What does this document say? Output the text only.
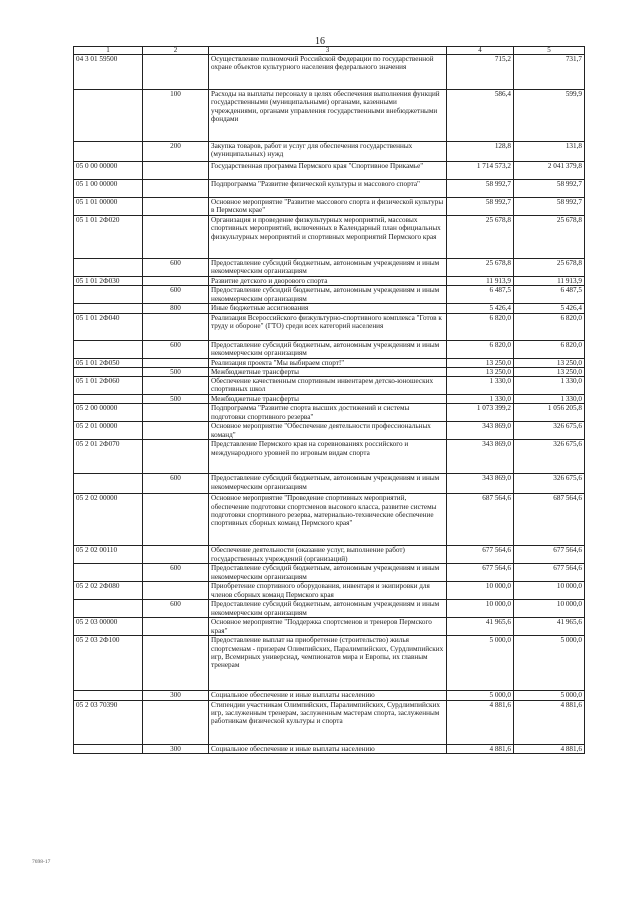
16
1	2	3	4	5
04 3 01 59500		Осуществление полномочий Российской Федерации по государственной охране объектов культурного населения федерального значения	715,2	731,7
	100	Расходы на выплаты персоналу в целях обеспечения выполнения функций государственными (муниципальными) органами, казенными учреждениями, органами управления государственными внебюджетными фондами	586,4	599,9
	200	Закупка товаров, работ и услуг для обеспечения государственных (муниципальных) нужд	128,8	131,8
05 0 00 00000		Государственная программа Пермского края "Спортивное Прикамье"	1 714 573,2	2 041 379,8
05 1 00 00000		Подпрограмма "Развитие физической культуры и массового спорта"	58 992,7	58 992,7
05 1 01 00000		Основное мероприятие "Развитие массового спорта и физической культуры в Пермском крае"	58 992,7	58 992,7
05 1 01 2Ф020		Организация и проведение физкультурных мероприятий, массовых спортивных мероприятий, включенных в Календарный план официальных физкультурных мероприятий и спортивных мероприятий Пермского края	25 678,8	25 678,8
	600	Предоставление субсидий бюджетным, автономным учреждениям и иным некоммерческим организациям	25 678,8	25 678,8
05 1 01 2Ф030		Развитие детского и дворового спорта	11 913,9	11 913,9
	600	Предоставление субсидий бюджетным, автономным учреждениям и иным некоммерческим организациям	6 487,5	6 487,5
	800	Иные бюджетные ассигнования	5 426,4	5 426,4
05 1 01 2Ф040		Реализация Всероссийского физкультурно-спортивного комплекса "Готов к труду и обороне" (ГТО) среди всех категорий населения	6 820,0	6 820,0
	600	Предоставление субсидий бюджетным, автономным учреждениям и иным некоммерческим организациям	6 820,0	6 820,0
05 1 01 2Ф050		Реализация проекта "Мы выбираем спорт!"	13 250,0	13 250,0
	500	Межбюджетные трансферты	13 250,0	13 250,0
05 1 01 2Ф060		Обеспечение качественным спортивным инвентарем детско-юношеских спортивных школ	1 330,0	1 330,0
	500	Межбюджетные трансферты	1 330,0	1 330,0
05 2 00 00000		Подпрограмма "Развитие спорта высших достижений и системы подготовки спортивного резерва"	1 073 399,2	1 056 205,8
05 2 01 00000		Основное мероприятие "Обеспечение деятельности профессиональных команд"	343 869,0	326 675,6
05 2 01 2Ф070		Представление Пермского края на соревнованиях российского и международного уровней по игровым видам спорта	343 869,0	326 675,6
	600	Предоставление субсидий бюджетным, автономным учреждениям и иным некоммерческим организациям	343 869,0	326 675,6
05 2 02 00000		Основное мероприятие "Проведение спортивных мероприятий, обеспечение подготовки спортсменов высокого класса, развитие системы подготовки спортивного резерва, материально-технические обеспечение спортивных сборных команд Пермского края"	687 564,6	687 564,6
05 2 02 00110		Обеспечение деятельности (оказание услуг, выполнение работ) государственных учреждений (организаций)	677 564,6	677 564,6
	600	Предоставление субсидий бюджетным, автономным учреждениям и иным некоммерческим организациям	677 564,6	677 564,6
05 2 02 2Ф080		Приобретение спортивного оборудования, инвентаря и экипировки для членов сборных команд Пермского края	10 000,0	10 000,0
	600	Предоставление субсидий бюджетным, автономным учреждениям и иным некоммерческим организациям	10 000,0	10 000,0
05 2 03 00000		Основное мероприятие "Поддержка спортсменов и тренеров Пермского края"	41 965,6	41 965,6
05 2 03 2Ф100		Предоставление выплат на приобретение (строительство) жилья спортсменам - призерам Олимпийских, Паралимпийских, Сурдлимпийских игр, Всемирных универсиад, чемпионатов мира и Европы, их главным тренерам	5 000,0	5 000,0
	300	Социальное обеспечение и иные выплаты населению	5 000,0	5 000,0
05 2 03 70390		Стипендии участникам Олимпийских, Паралимпийских, Сурдлимпийских игр, заслуженным тренерам, заслуженным мастерам спорта, заслуженным работникам физической культуры и спорта	4 881,6	4 881,6
	300	Социальное обеспечение и иные выплаты населению	4 881,6	4 881,6
7698-17
